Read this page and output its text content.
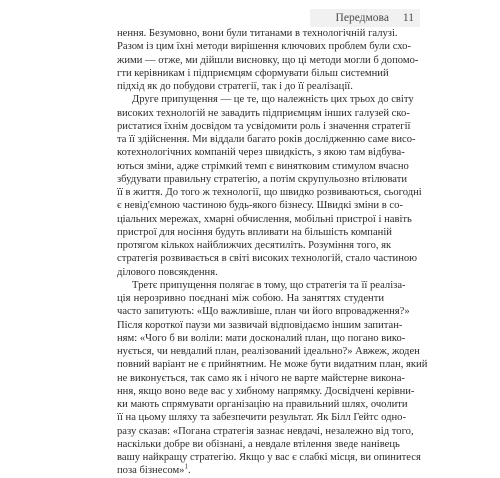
Передмова 11
нення. Безумовно, вони були титанами в технологічній галузі.
Разом із цим їхні методи вирішення ключових проблем були схо-
жими — отже, ми дійшли висновку, що ці методи могли б допомо-
гти керівникам і підприємцям сформувати більш системний
підхід як до побудови стратегії, так і до її реалізації.
Друге припущення — це те, що належність цих трьох до світу
високих технологій не завадить підприємцям інших галузей ско-
ристатися їхнім досвідом та усвідомити роль і значення стратегії
та її здійснення. Ми віддали багато років дослідженню саме висо-
котехнологічних компаній через швидкість, з якою там відбува-
ються зміни, адже стрімкий темп є винятковим стимулом вчасно
збудувати правильну стратегію, а потім скрупульозно втілювати
її в життя. До того ж технології, що швидко розвиваються, сьогодні
є невід'ємною частиною будь-якого бізнесу. Швидкі зміни в со-
ціальних мережах, хмарні обчислення, мобільні пристрої і навіть
пристрої для носіння будуть впливати на більшість компаній
протягом кількох найближчих десятиліть. Розуміння того, як
стратегія розвивається в світі високих технологій, стало частиною
ділового повсякдення.
Третє припущення полягає в тому, що стратегія та її реаліза-
ція нерозривно поєднані між собою. На заняттях студенти
часто запитують: «Що важливіше, план чи його впровадження?»
Після короткої паузи ми зазвичай відповідаємо іншим запитан-
ням: «Чого б ви воліли: мати досконалий план, що погано вико-
нується, чи невдалий план, реалізований ідеально?» Авжеж, жоден
повний варіант не є прийнятним. Не може бути видатним план, який
не виконується, так само як і нічого не варте майстерне викона-
ння, якщо воно веде вас у хибному напрямку. Досвідчені керівни-
ки мають спрямувати організацію на правильний шлях, очолити
її на цьому шляху та забезпечити результат. Як Білл Гейтс одно-
разу сказав: «Погана стратегія зазнає невдачі, незалежно від того,
наскільки добре ви обізнані, а невдале втілення зведе нанівець
вашу найкращу стратегію. Якщо у вас є слабкі місця, ви опинитеся
поза бізнесом»$^1$.
